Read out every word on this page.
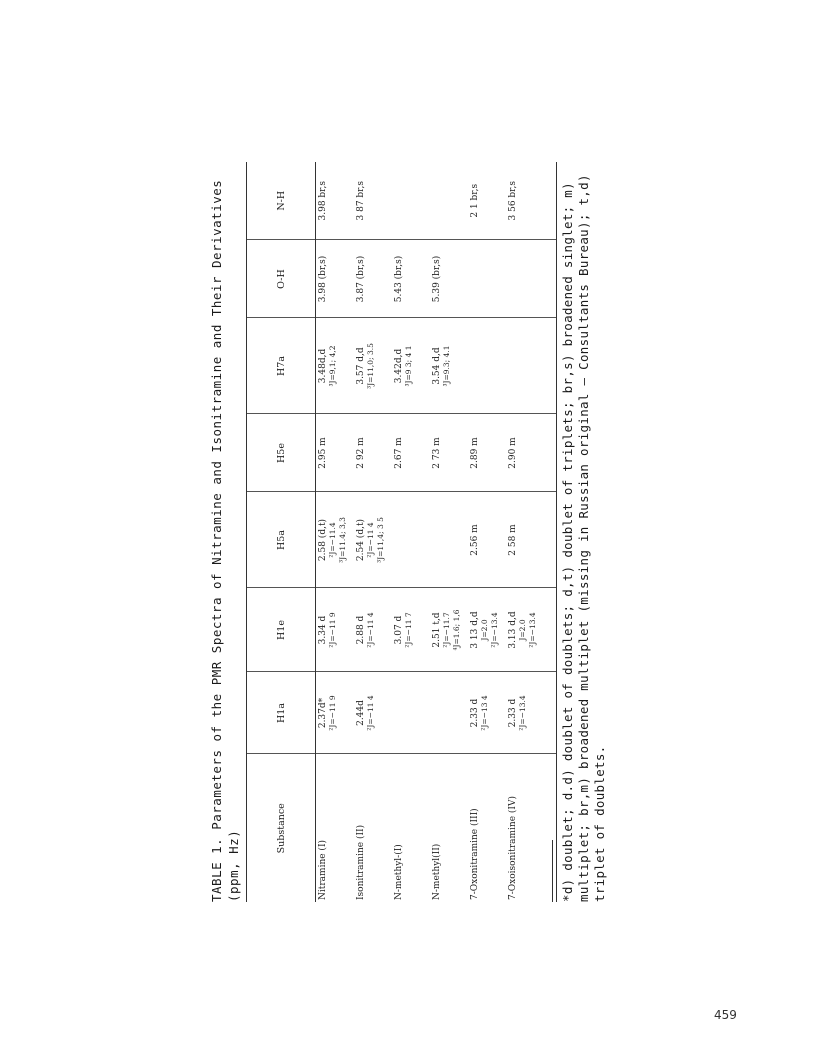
TABLE 1. Parameters of the PMR Spectra of Nitramine and Isonitramine and Their Derivatives (ppm, Hz)
Substance	H1a	H1e	H5a	H5e	H7a	O-H	N-H
Nitramine (I)	2.37d* ²J=−11 9	3.34 d ²J=−11 9	2.58 (d,t) ²J=−11.4 ³J=11.4; 3,3	2.95 m	3.48d,d ³J=9,1; 4,2	3.98 (br,s)	3.98 br,s

Isonitramine (II)	2.44d ²J=−11 4	2.88 d ²J=−11 4	2.54 (d,t) ²J=−11 4 ³J=11,4; 3 5	2 92 m	3.57 d,d ³J=11,0; 3.5	3.87 (br,s)	3 87 br,s

N-methyl-(I)		3.07 d ²J=−11 7		2.67 m	3.42d,d ³J=9 3; 4 1	5.43 (br,s)	

N-methyl(II)		2.51 t,d ²J=−11.7 ⁴J=1.6; 1,6		2 73 m	3.54 d,d ³J=9.3; 4.1	5.39 (br,s)	

7-Oxonitramine (III)	2.33 d ²J=−13 4	3 13 d,d J=2.0 ²J=−13.4	2.56 m	2.89 m			2 1 br,s

7-Oxoisonitramine (IV)	2.33 d ²J=−13.4	3.13 d,d J=2.0 ²J=−13.4	2 58 m	2.90 m			3 56 br,s	*d) doublet; d.d) doublet of doublets; d,t) doublet of triplets; br,s) broadened singlet; m) multiplet; br,m) broadened multiplet (missing in Russian original – Consultants Bureau); t,d) triplet of doublets.
459
